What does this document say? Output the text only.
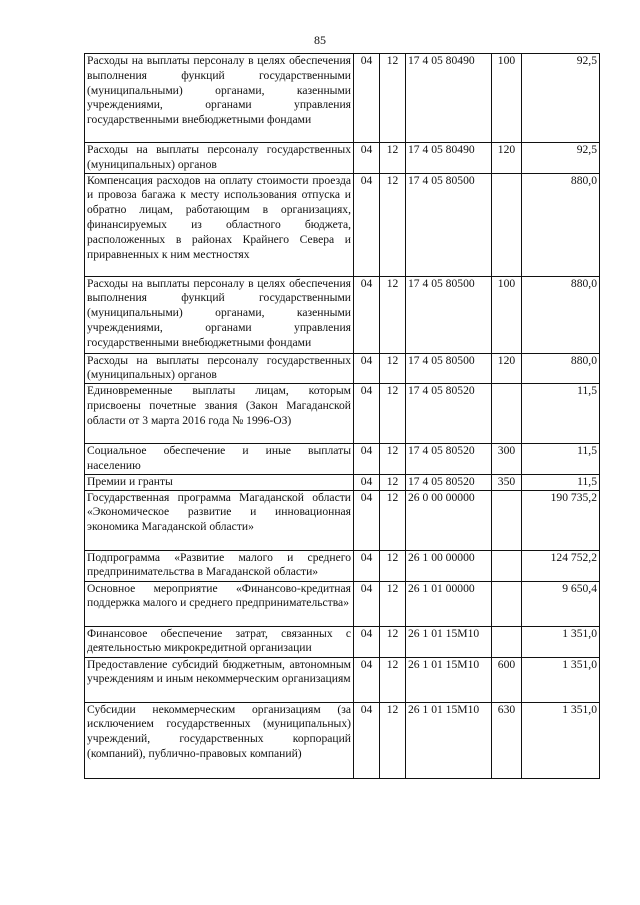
85
Расходы на выплаты персоналу в целях обеспечения выполнения функций государственными (муниципальными) органами, казенными учреждениями, органами управления государственными внебюджетными фондами	04	12	17 4 05 80490	100	92,5
Расходы на выплаты персоналу государственных (муниципальных) органов	04	12	17 4 05 80490	120	92,5
Компенсация расходов на оплату стоимости проезда и провоза багажа к месту использования отпуска и обратно лицам, работающим в организациях, финансируемых из областного бюджета, расположенных в районах Крайнего Севера и приравненных к ним местностях	04	12	17 4 05 80500		880,0
Расходы на выплаты персоналу в целях обеспечения выполнения функций государственными (муниципальными) органами, казенными учреждениями, органами управления государственными внебюджетными фондами	04	12	17 4 05 80500	100	880,0
Расходы на выплаты персоналу государственных (муниципальных) органов	04	12	17 4 05 80500	120	880,0
Единовременные выплаты лицам, которым присвоены почетные звания (Закон Магаданской области от 3 марта 2016 года № 1996-ОЗ)	04	12	17 4 05 80520		11,5
Социальное обеспечение и иные выплаты населению	04	12	17 4 05 80520	300	11,5
Премии и гранты	04	12	17 4 05 80520	350	11,5
Государственная программа Магаданской области «Экономическое развитие и инновационная экономика Магаданской области»	04	12	26 0 00 00000		190 735,2
Подпрограмма «Развитие малого и среднего предпринимательства в Магаданской области»	04	12	26 1 00 00000		124 752,2
Основное мероприятие «Финансово-кредитная поддержка малого и среднего предпринимательства»	04	12	26 1 01 00000		9 650,4
Финансовое обеспечение затрат, связанных с деятельностью микрокредитной организации	04	12	26 1 01 15М10		1 351,0
Предоставление субсидий бюджетным, автономным учреждениям и иным некоммерческим организациям	04	12	26 1 01 15М10	600	1 351,0
Субсидии некоммерческим организациям (за исключением государственных (муниципальных) учреждений, государственных корпораций (компаний), публично-правовых компаний)	04	12	26 1 01 15М10	630	1 351,0
